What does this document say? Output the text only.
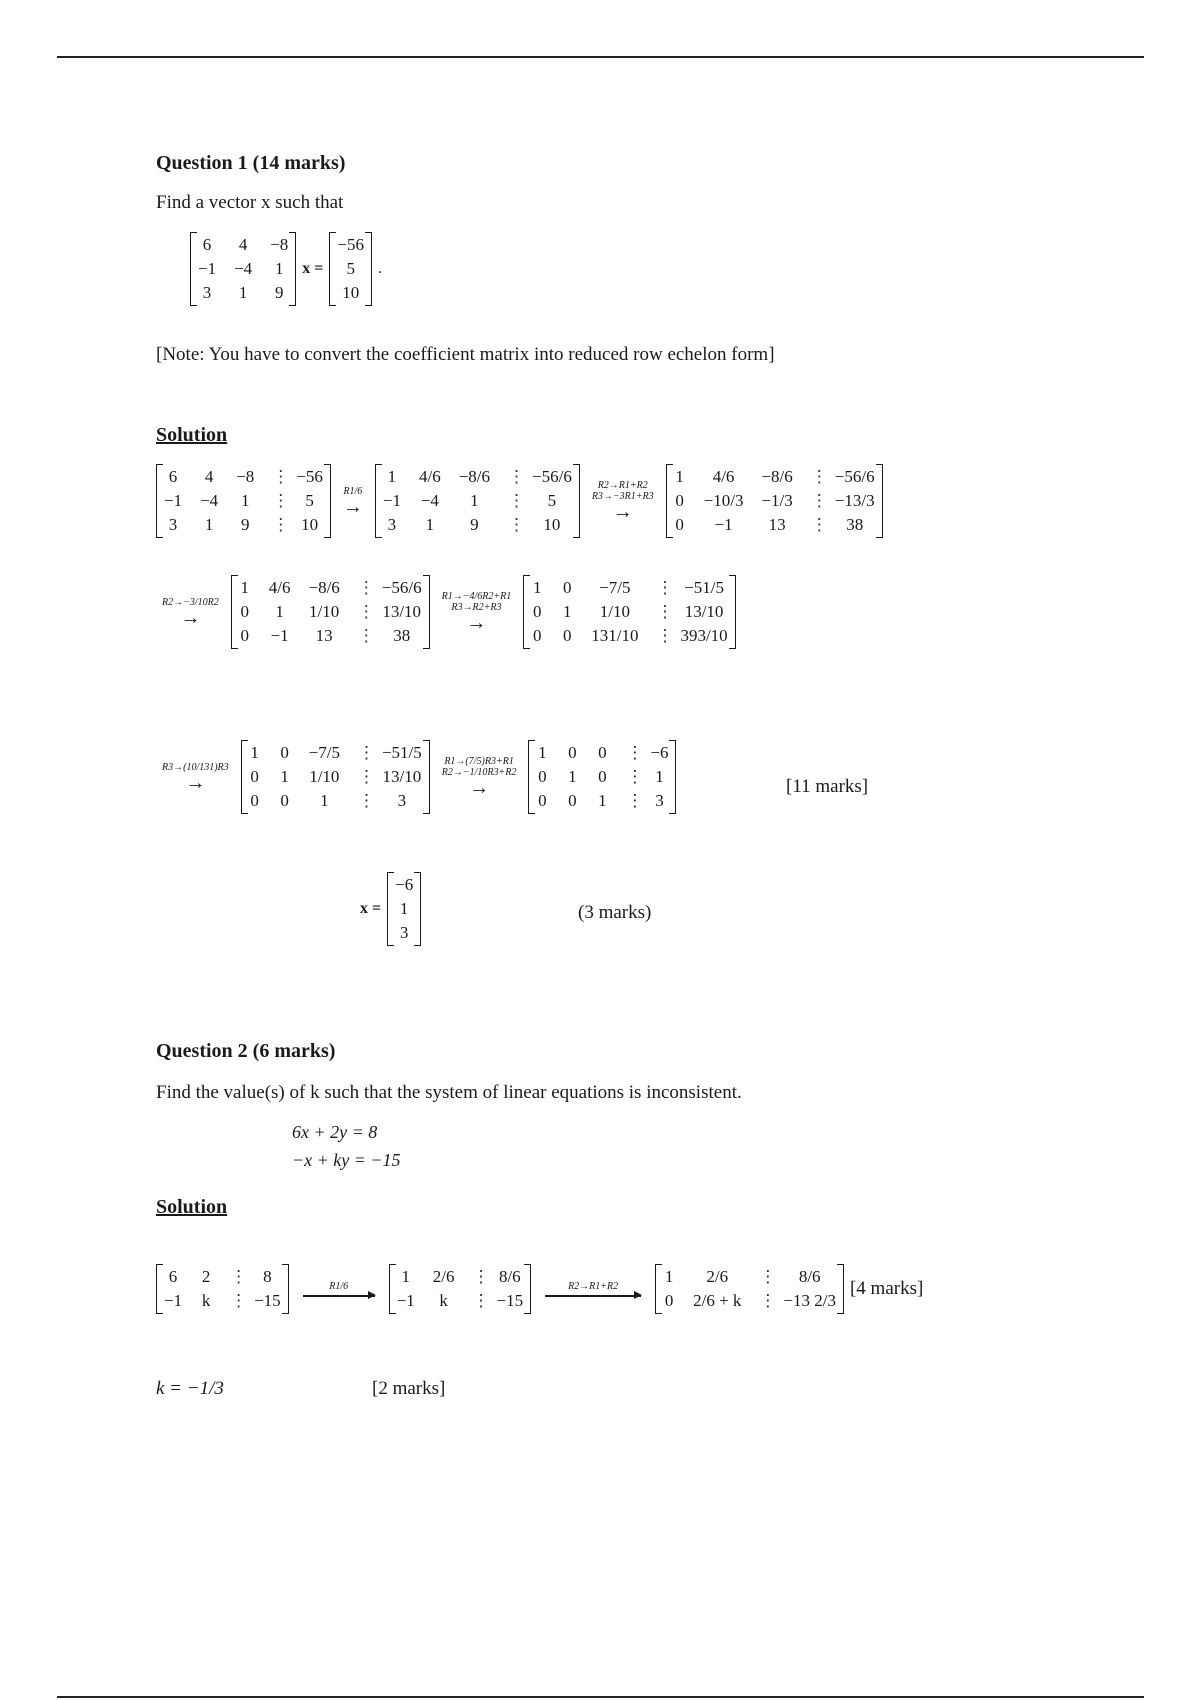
Question 1 (14 marks)
Find a vector x such that
6 4 −8
−1 −4 1
3 1 9
x =
−56
5
10
.
[Note: You have to convert the coefficient matrix into reduced row echelon form]
Solution
6 4 −8 ⋮ −56
−1 −4 1 ⋮ 5
3 1 9 ⋮ 10
R1/6
→
1 4/6 −8/6 ⋮ −56/6
−1 −4	1	⋮	5
3	1	9	⋮	10
R2→R1+R2
R3→−3R1+R3
→
1	4/6	−8/6 ⋮ −56/6
0 −10/3 −1/3 ⋮ −13/3
0	−1	13	⋮	38
R2→−3/10R2
→
1 4/6 −8/6 ⋮ −56/6
0	1	1/10 ⋮ 13/10
0 −1	13	⋮	38
R1→−4/6R2+R1
R3→R2+R3
→
1 0	−7/5	⋮ −51/5
0 1	1/10	⋮ 13/10
0 0 131/10 ⋮ 393/10
R3→(10/131)R3
→
1 0 −7/5 ⋮ −51/5
0 1 1/10 ⋮ 13/10
0 0	1	⋮	3
R1→(7/5)R3+R1
R2→−1/10R3+R2
→
1 0 0 ⋮ −6
0 1 0 ⋮ 1
0 0 1 ⋮ 3
[11 marks]
x =
−6
1
3
(3 marks)
Question 2 (6 marks)
Find the value(s) of k such that the system of linear equations is inconsistent.
6x + 2y = 8
−x + ky = −15
Solution
6 2 ⋮ 8
−1 k ⋮ −15
R1/6
1 2/6 ⋮ 8/6
−1	k	⋮ −15
R2→R1+R2
1	2/6	⋮	8/6
0 2/6 + k ⋮ −13 2/3
[4 marks]
k = −1/3	[2 marks]
